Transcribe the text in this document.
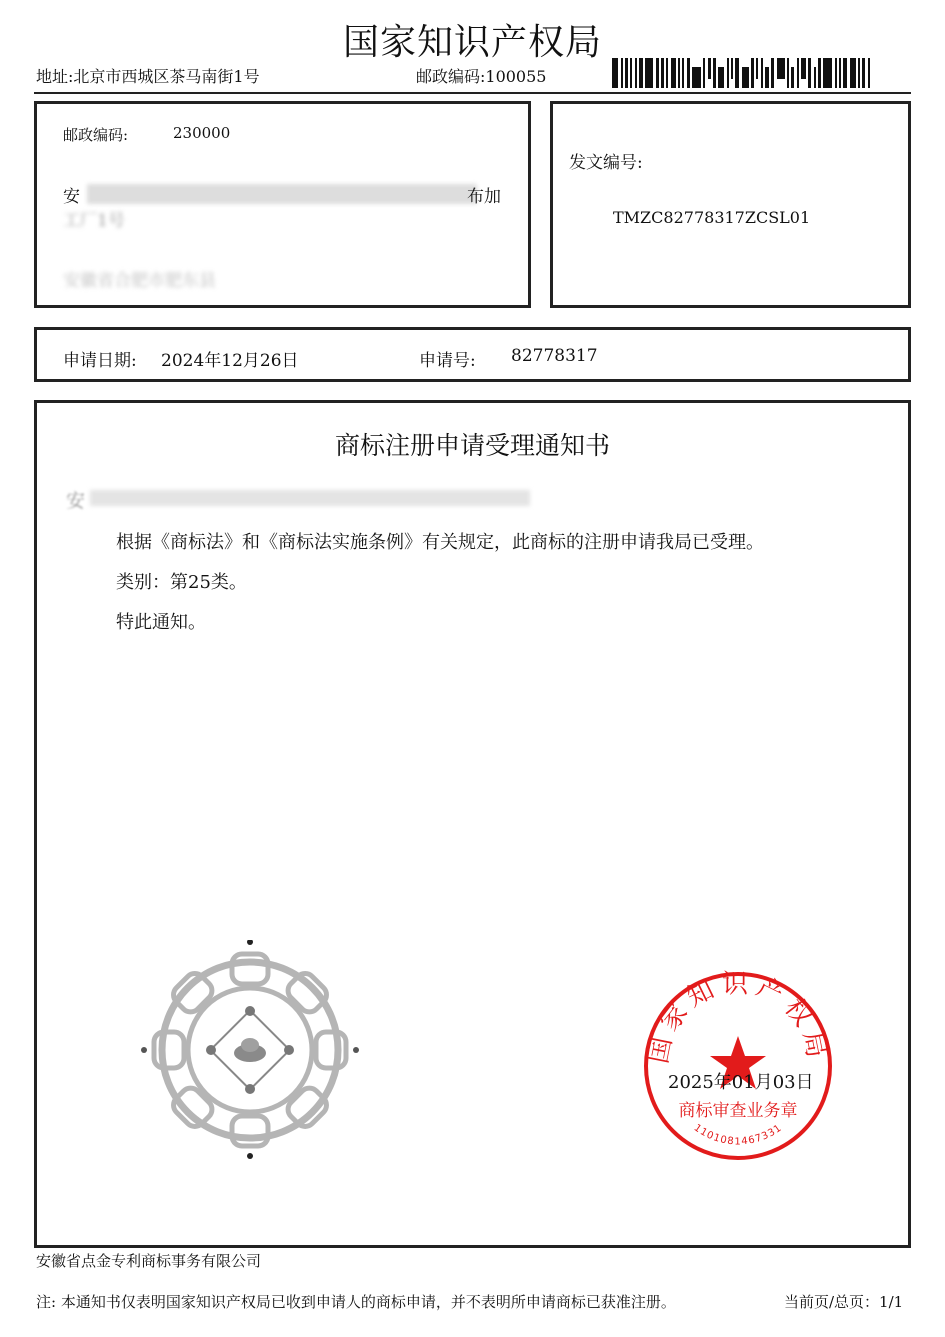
国家知识产权局
地址:北京市西城区茶马南街1号	邮政编码:100055
邮政编码:	230000
安	布加
工厂1号
安徽省合肥市肥东县
发文编号:
TMZC82778317ZCSL01
申请日期: 2024年12月26日	申请号: 82778317
商标注册申请受理通知书
安
根据《商标法》和《商标法实施条例》有关规定，此商标的注册申请我局已受理。
类别：第25类。
特此通知。
国家知识产权局
商标审查业务章
1101081467331
2025年01月03日
安徽省点金专利商标事务有限公司
注: 本通知书仅表明国家知识产权局已收到申请人的商标申请，并不表明所申请商标已获准注册。	当前页/总页：1/1
